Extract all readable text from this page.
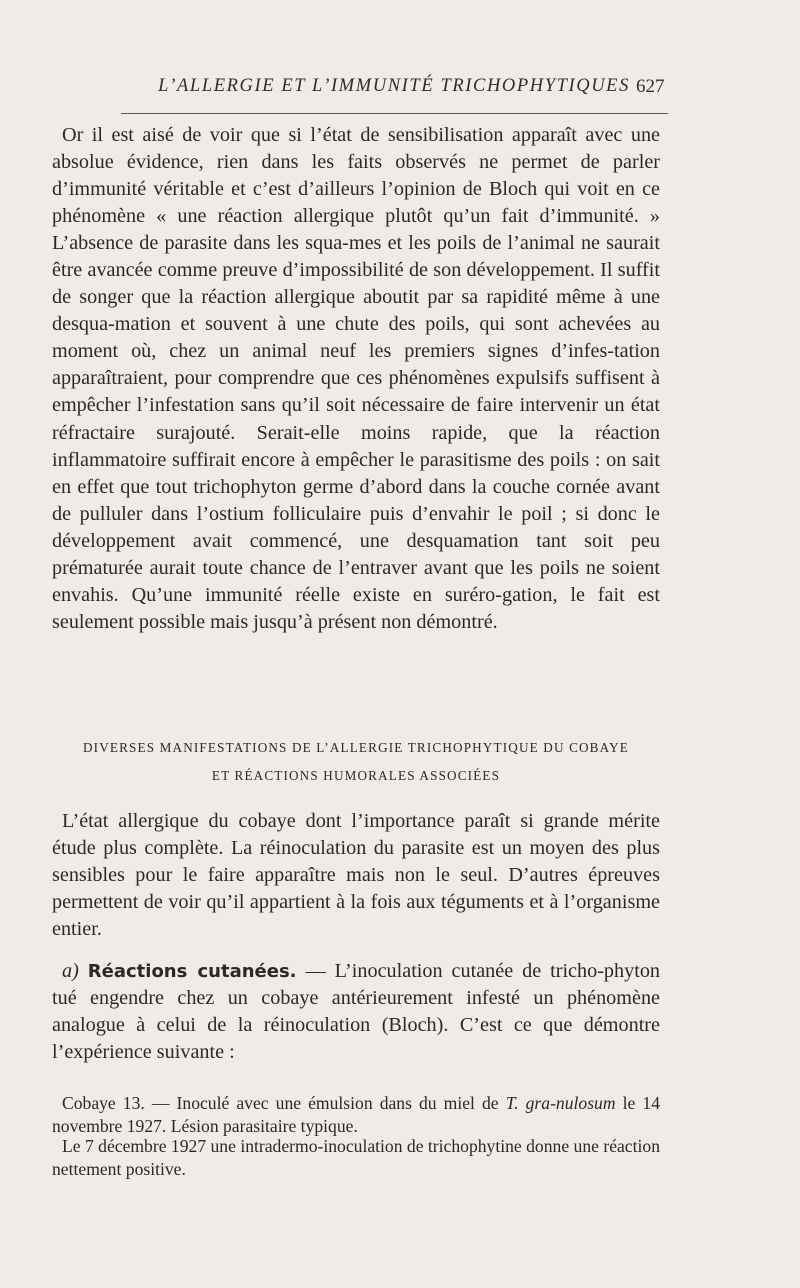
L’ALLERGIE ET L’IMMUNITÉ TRICHOPHYTIQUES 627

Or il est aisé de voir que si l’état de sensibilisation apparaît avec une absolue évidence, rien dans les faits observés ne permet de parler d’immunité véritable et c’est d’ailleurs l’opinion de Bloch qui voit en ce phénomène « une réaction allergique plutôt qu’un fait d’immunité. » L’absence de parasite dans les squa-mes et les poils de l’animal ne saurait être avancée comme preuve d’impossibilité de son développement. Il suffit de songer que la réaction allergique aboutit par sa rapidité même à une desqua-mation et souvent à une chute des poils, qui sont achevées au moment où, chez un animal neuf les premiers signes d’infes-tation apparaîtraient, pour comprendre que ces phénomènes expulsifs suffisent à empêcher l’infestation sans qu’il soit nécessaire de faire intervenir un état réfractaire surajouté. Serait-elle moins rapide, que la réaction inflammatoire suffirait encore à empêcher le parasitisme des poils : on sait en effet que tout trichophyton germe d’abord dans la couche cornée avant de pulluler dans l’ostium folliculaire puis d’envahir le poil ; si donc le développement avait commencé, une desquamation tant soit peu prématurée aurait toute chance de l’entraver avant que les poils ne soient envahis. Qu’une immunité réelle existe en suréro-gation, le fait est seulement possible mais jusqu’à présent non démontré.

DIVERSES MANIFESTATIONS DE L’ALLERGIE TRICHOPHYTIQUE DU COBAYE
ET RÉACTIONS HUMORALES ASSOCIÉES

L’état allergique du cobaye dont l’importance paraît si grande mérite étude plus complète. La réinoculation du parasite est un moyen des plus sensibles pour le faire apparaître mais non le seul. D’autres épreuves permettent de voir qu’il appartient à la fois aux téguments et à l’organisme entier.

a) Réactions cutanées. — L’inoculation cutanée de tricho-phyton tué engendre chez un cobaye antérieurement infesté un phénomène analogue à celui de la réinoculation (Bloch). C’est ce que démontre l’expérience suivante :

Cobaye 13. — Inoculé avec une émulsion dans du miel de T. gra-nulosum le 14 novembre 1927. Lésion parasitaire typique.

Le 7 décembre 1927 une intradermo-inoculation de trichophytine donne une réaction nettement positive.
